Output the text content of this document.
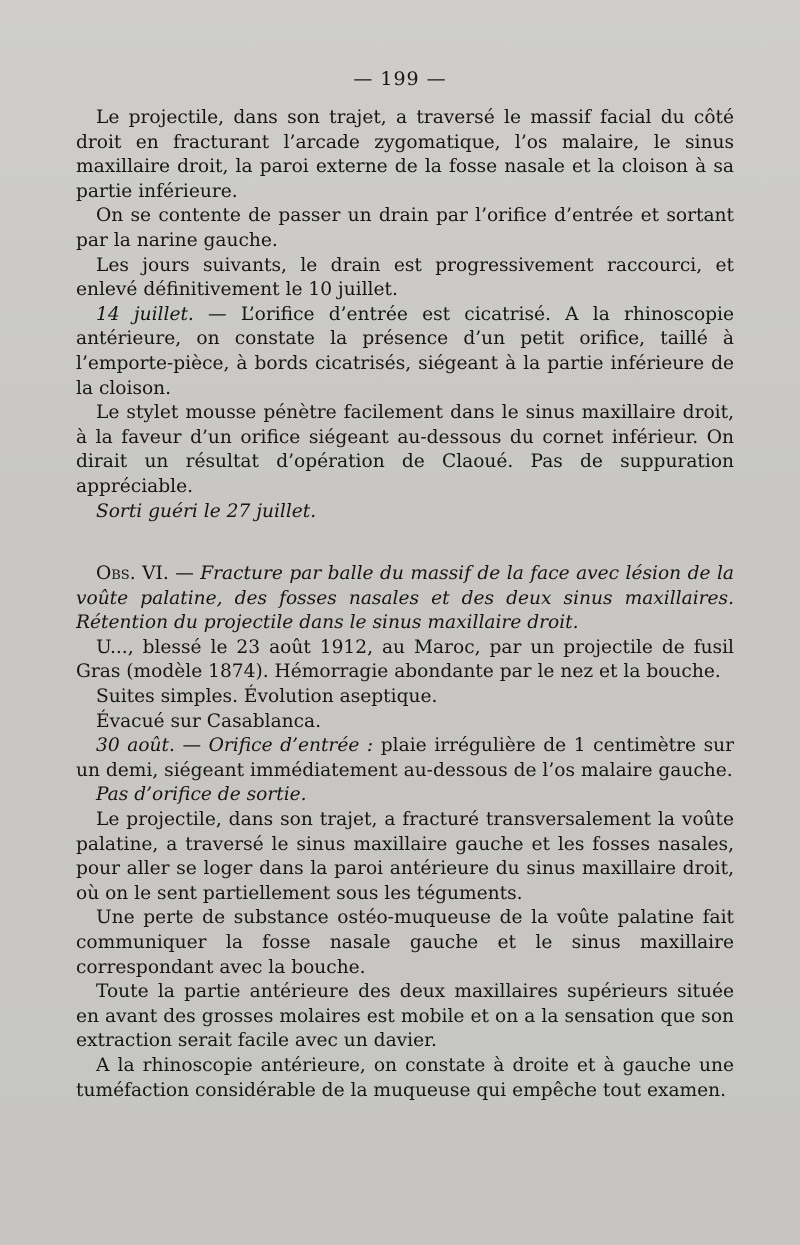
— 199 —

Le projectile, dans son trajet, a traversé le massif facial du côté droit en fracturant l’arcade zygomatique, l’os malaire, le sinus maxillaire droit, la paroi externe de la fosse nasale et la cloison à sa partie inférieure.

On se contente de passer un drain par l’orifice d’entrée et sortant par la narine gauche.

Les jours suivants, le drain est progressivement raccourci, et enlevé définitivement le 10 juillet.

14 juillet. — L’orifice d’entrée est cicatrisé. A la rhinoscopie antérieure, on constate la présence d’un petit orifice, taillé à l’emporte-pièce, à bords cicatrisés, siégeant à la partie inférieure de la cloison.

Le stylet mousse pénètre facilement dans le sinus maxillaire droit, à la faveur d’un orifice siégeant au-dessous du cornet inférieur. On dirait un résultat d’opération de Claoué. Pas de suppuration appréciable.

Sorti guéri le 27 juillet.

Obs. VI. — Fracture par balle du massif de la face avec lésion de la voûte palatine, des fosses nasales et des deux sinus maxillaires. Rétention du projectile dans le sinus maxillaire droit.

U..., blessé le 23 août 1912, au Maroc, par un projectile de fusil Gras (modèle 1874). Hémorragie abondante par le nez et la bouche.

Suites simples. Évolution aseptique.

Évacué sur Casablanca.

30 août. — Orifice d’entrée : plaie irrégulière de 1 centimètre sur un demi, siégeant immédiatement au-dessous de l’os malaire gauche.

Pas d’orifice de sortie.

Le projectile, dans son trajet, a fracturé transversalement la voûte palatine, a traversé le sinus maxillaire gauche et les fosses nasales, pour aller se loger dans la paroi antérieure du sinus maxillaire droit, où on le sent partiellement sous les téguments.

Une perte de substance ostéo-muqueuse de la voûte palatine fait communiquer la fosse nasale gauche et le sinus maxillaire correspondant avec la bouche.

Toute la partie antérieure des deux maxillaires supérieurs située en avant des grosses molaires est mobile et on a la sensation que son extraction serait facile avec un davier.

A la rhinoscopie antérieure, on constate à droite et à gauche une tuméfaction considérable de la muqueuse qui empêche tout examen.
